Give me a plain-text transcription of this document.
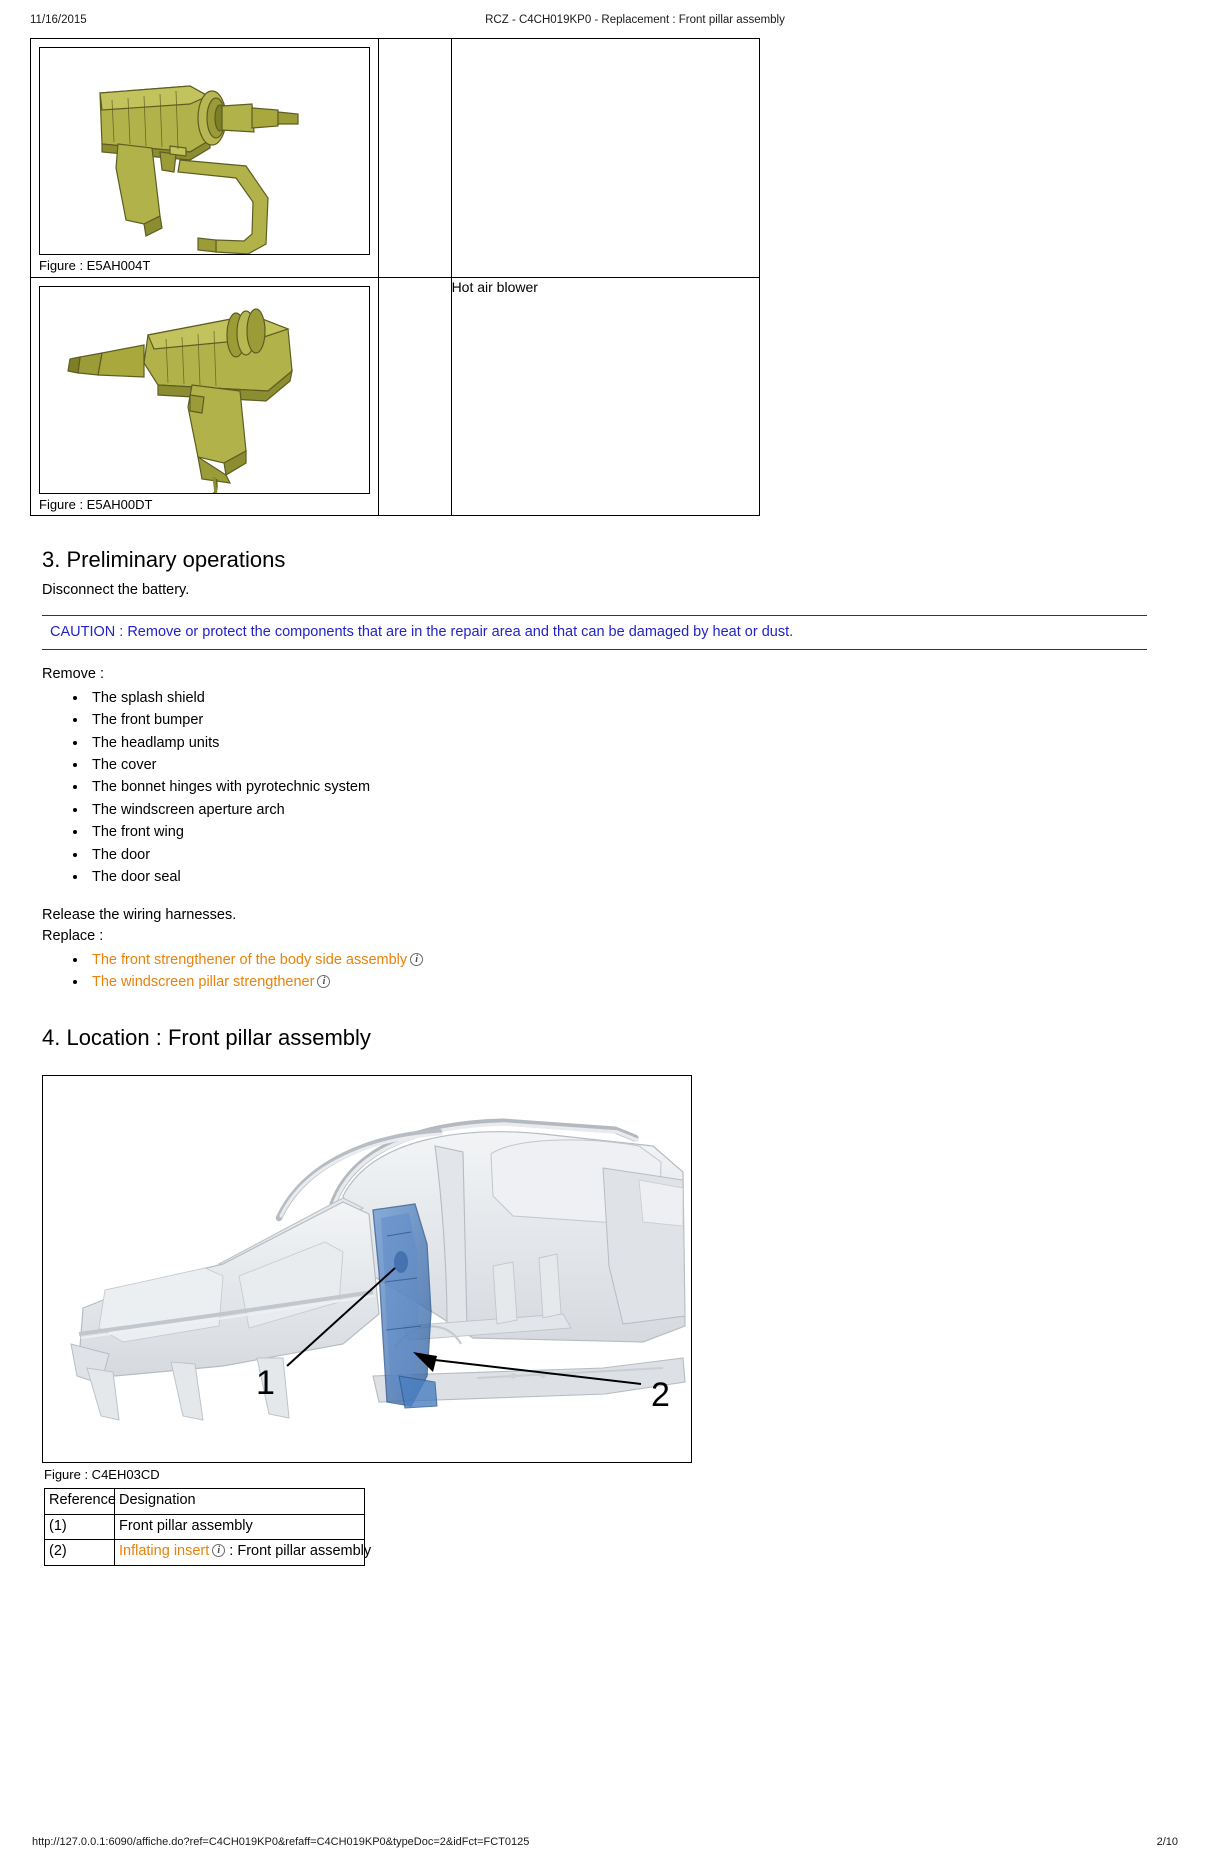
11/16/2015	RCZ - C4CH019KP0 - Replacement : Front pillar assembly
Figure : E5AH004T		

Figure : E5AH00DT		Hot air blower
3. Preliminary operations

Disconnect the battery.

CAUTION : Remove or protect the components that are in the repair area and that can be damaged by heat or dust.

Remove :

• The splash shield
• The front bumper
• The headlamp units
• The cover
• The bonnet hinges with pyrotechnic system
• The windscreen aperture arch
• The front wing
• The door
• The door seal

Release the wiring harnesses.

Replace :

• The front strengthener of the body side assembly i
• The windscreen pillar strengthener i
4. Location : Front pillar assembly
1	2
Figure : C4EH03CD
Reference	Designation
(1)	Front pillar assembly
(2)	Inflating insert i : Front pillar assembly
http://127.0.0.1:6090/affiche.do?ref=C4CH019KP0&refaff=C4CH019KP0&typeDoc=2&idFct=FCT0125	2/10
